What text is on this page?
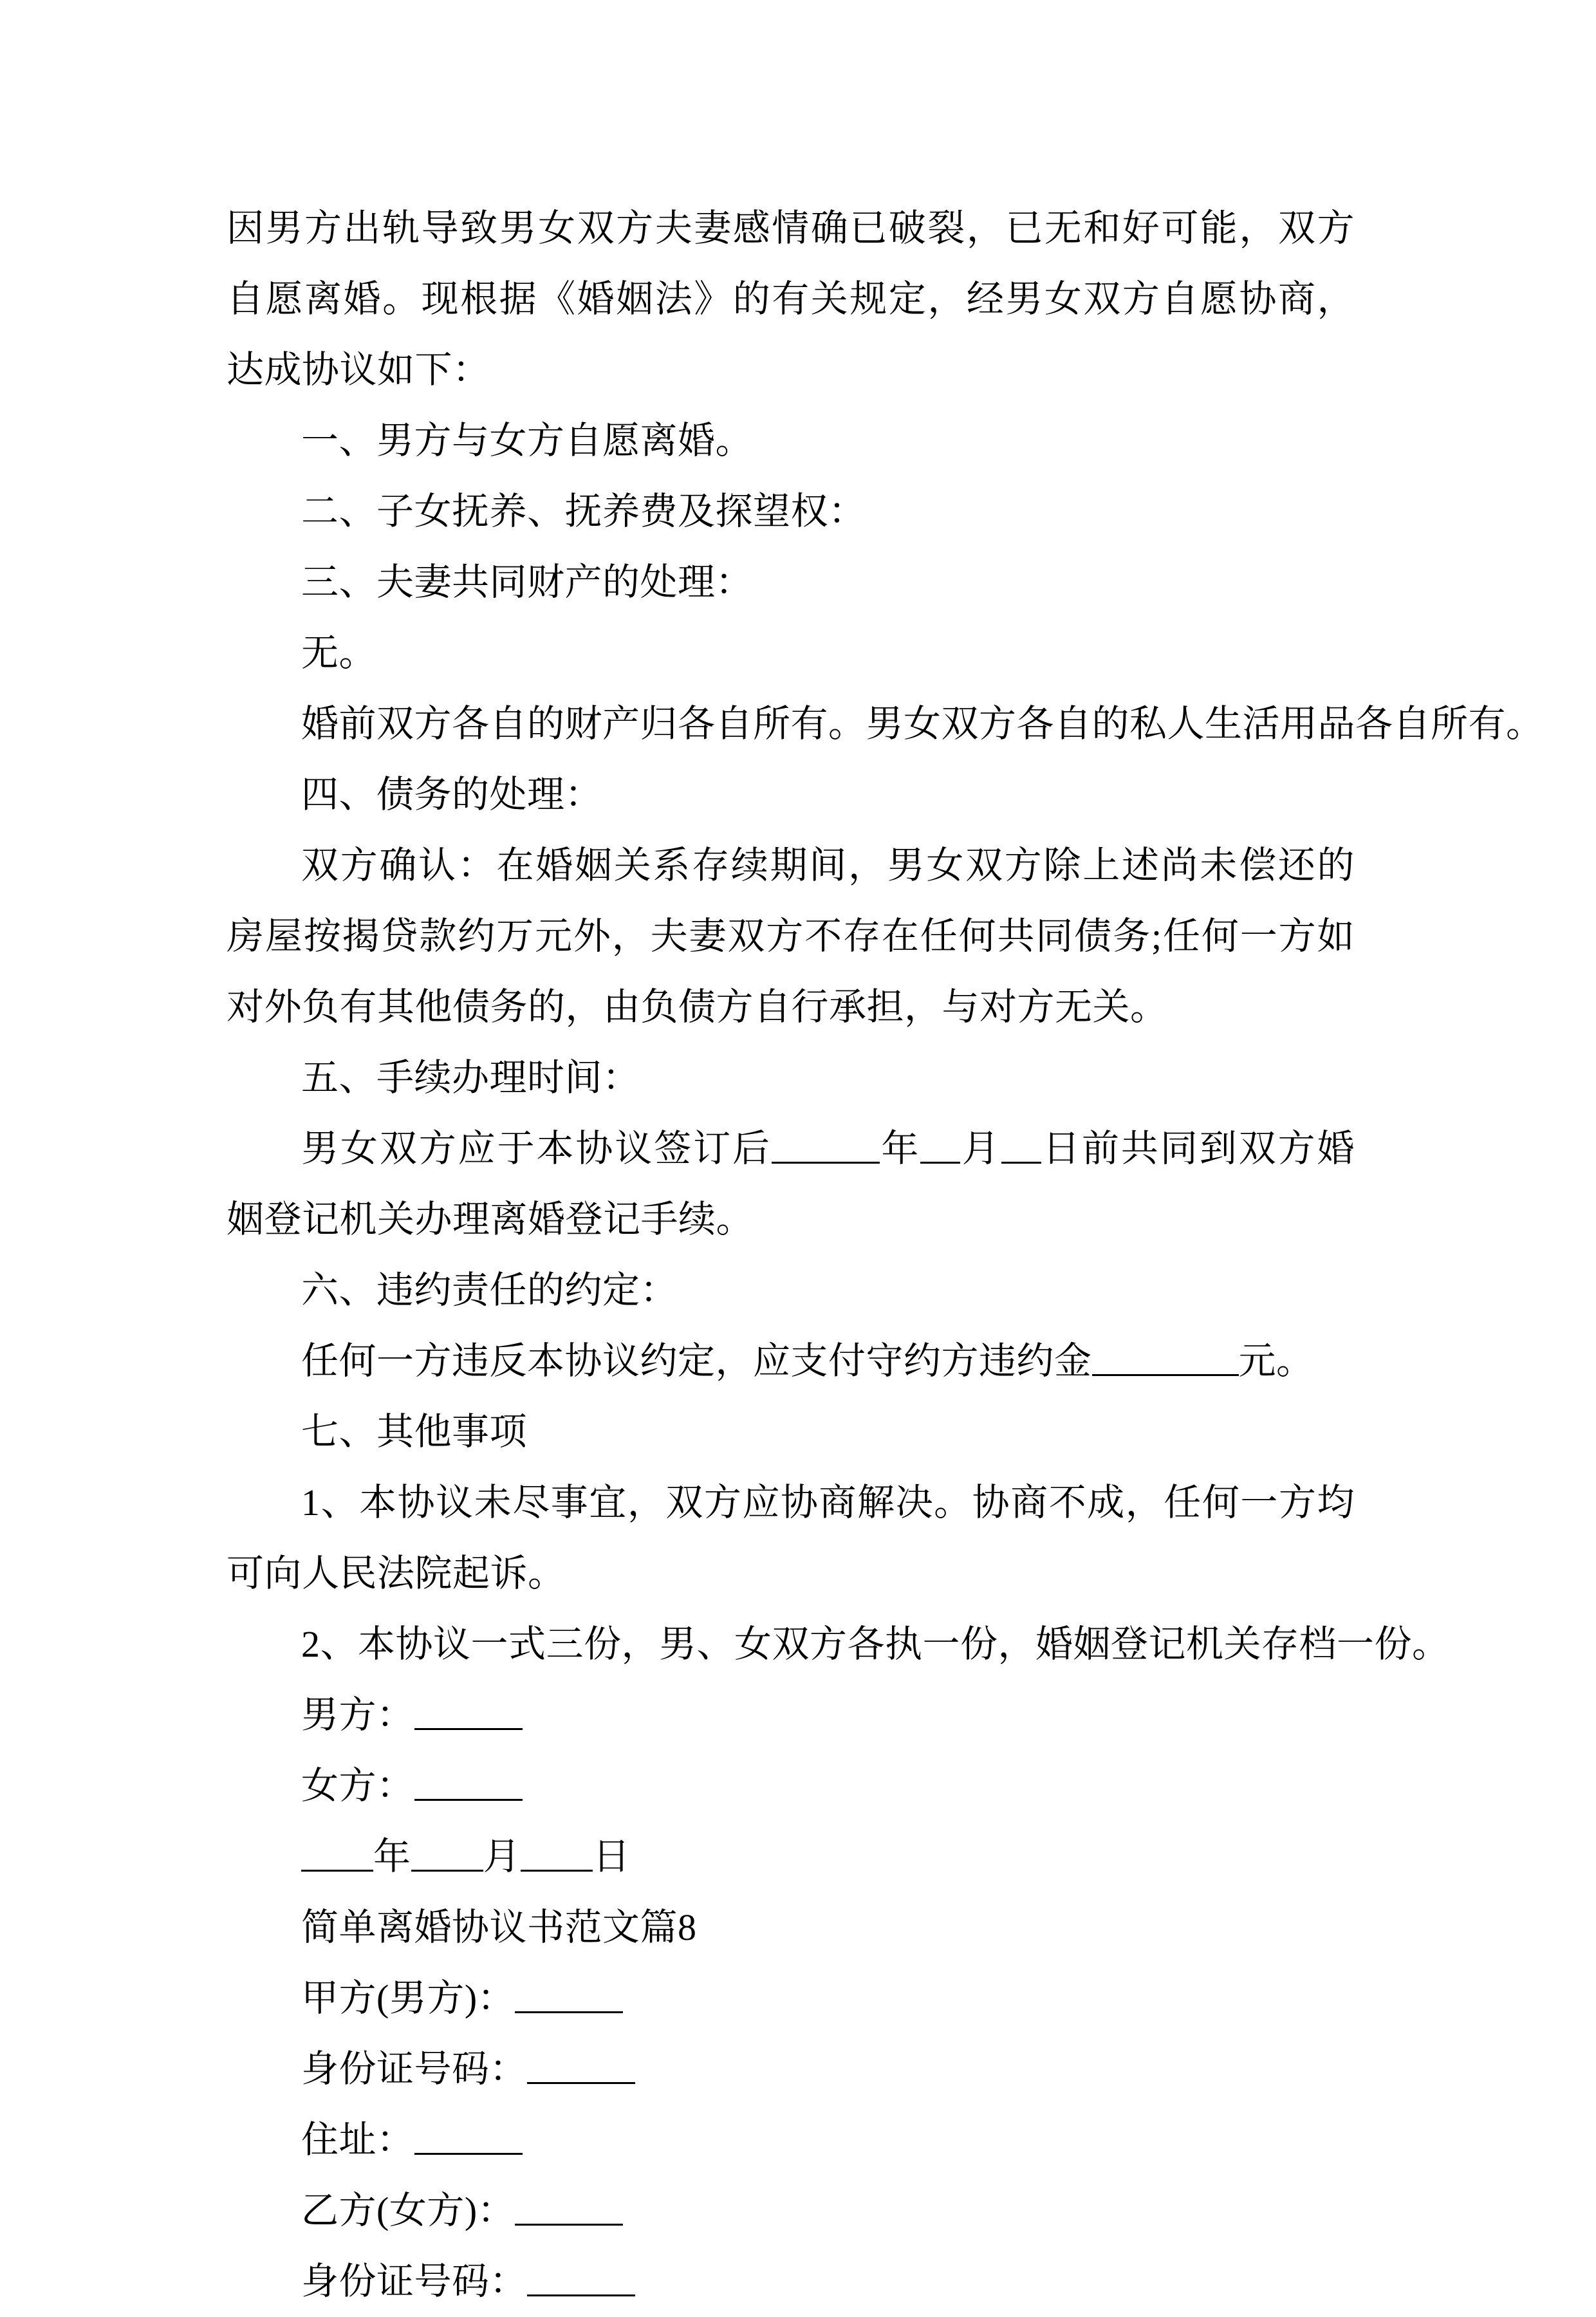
因男方出轨导致男女双方夫妻感情确已破裂，已无和好可能，双方自愿离婚。现根据《婚姻法》的有关规定，经男女双方自愿协商，达成协议如下：

一、男方与女方自愿离婚。
二、子女抚养、抚养费及探望权：
三、夫妻共同财产的处理：
无。
婚前双方各自的财产归各自所有。男女双方各自的私人生活用品各自所有。
四、债务的处理：

双方确认：在婚姻关系存续期间，男女双方除上述尚未偿还的房屋按揭贷款约万元外，夫妻双方不存在任何共同债务;任何一方如对外负有其他债务的，由负债方自行承担，与对方无关。

五、手续办理时间：
男女双方应于本协议签订后	年 月 日前共同到双方婚姻登记机关办理离婚登记手续。
六、违约责任的约定：
任何一方违反本协议约定，应支付守约方违约金	元。
七、其他事项

1、本协议未尽事宜，双方应协商解决。协商不成，任何一方均可向人民法院起诉。

2、本协议一式三份，男、女双方各执一份，婚姻登记机关存档一份。
男方：
女方：
年 月 日
简单离婚协议书范文篇8
甲方(男方)：
身份证号码：
住址：
乙方(女方)：
身份证号码：
